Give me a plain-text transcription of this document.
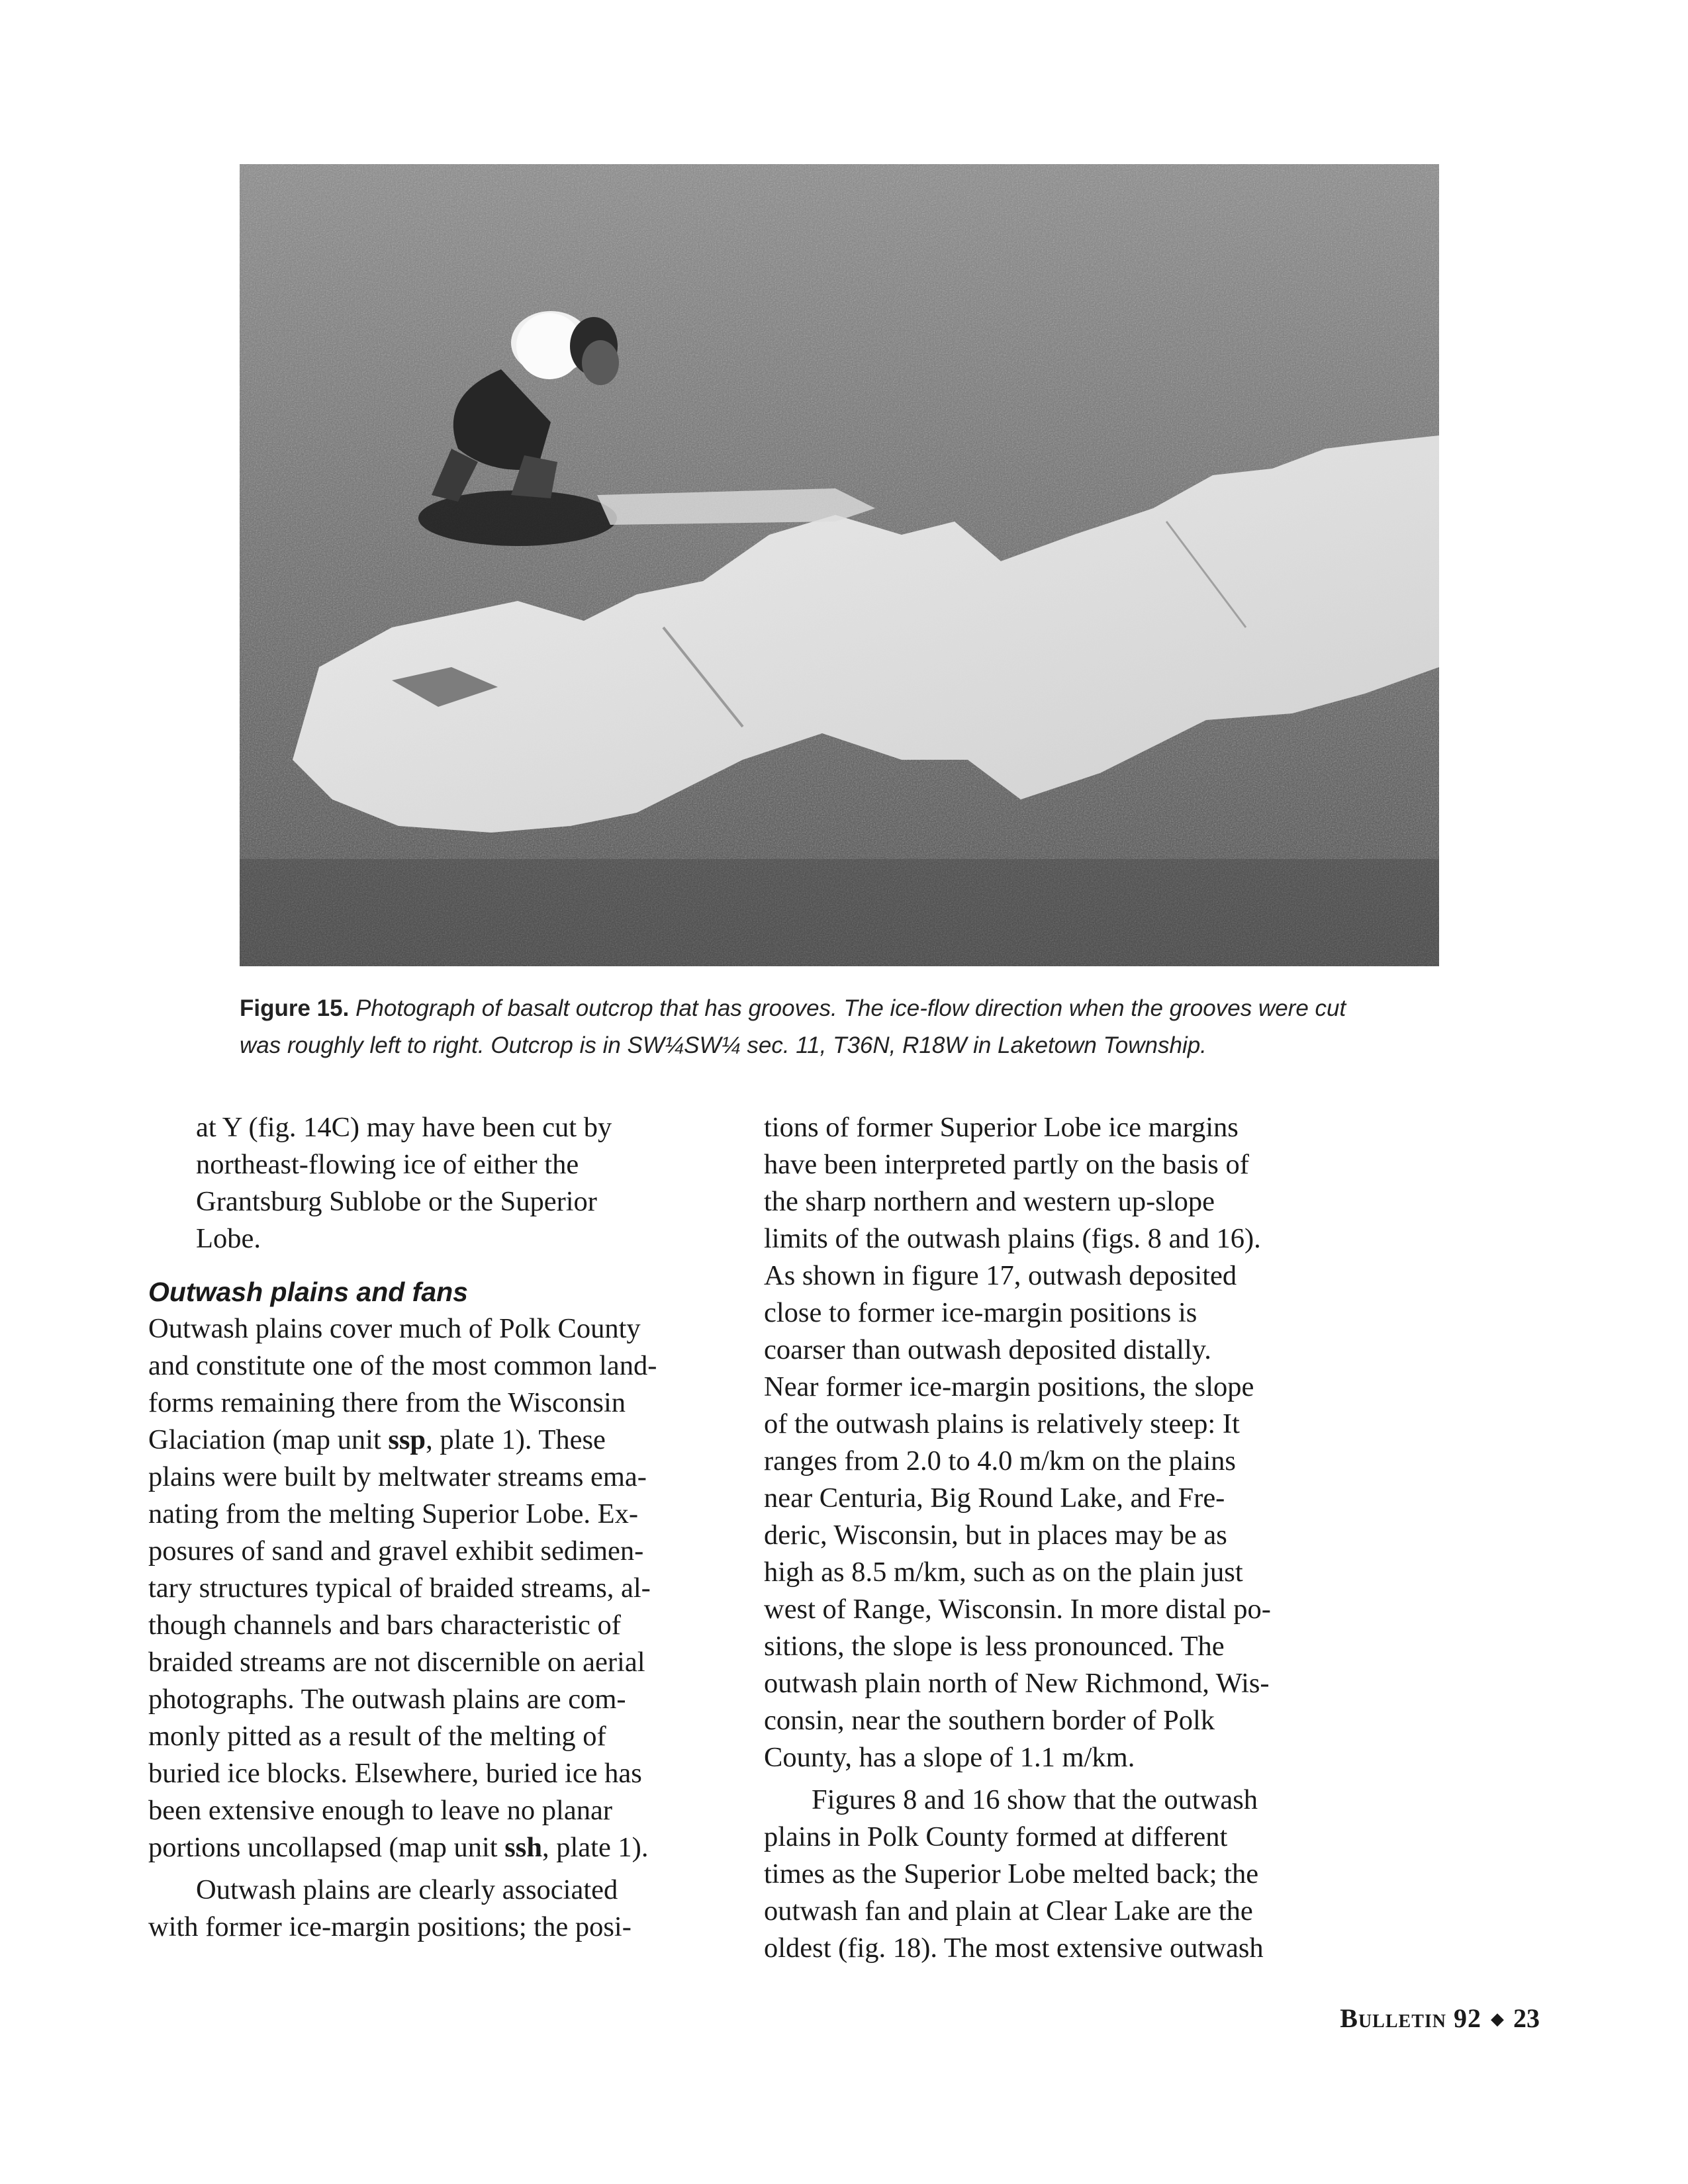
Figure 15. Photograph of basalt outcrop that has grooves. The ice-flow direction when the grooves were cut
was roughly left to right. Outcrop is in SW¼SW¼ sec. 11, T36N, R18W in Laketown Township.

at Y (fig. 14C) may have been cut by
northeast-flowing ice of either the
Grantsburg Sublobe or the Superior
Lobe.

Outwash plains and fans

Outwash plains cover much of Polk County
and constitute one of the most common land-
forms remaining there from the Wisconsin
Glaciation (map unit ssp, plate 1). These
plains were built by meltwater streams ema-
nating from the melting Superior Lobe. Ex-
posures of sand and gravel exhibit sedimen-
tary structures typical of braided streams, al-
though channels and bars characteristic of
braided streams are not discernible on aerial
photographs. The outwash plains are com-
monly pitted as a result of the melting of
buried ice blocks. Elsewhere, buried ice has
been extensive enough to leave no planar
portions uncollapsed (map unit ssh, plate 1).

Outwash plains are clearly associated
with former ice-margin positions; the posi-

tions of former Superior Lobe ice margins
have been interpreted partly on the basis of
the sharp northern and western up-slope
limits of the outwash plains (figs. 8 and 16).
As shown in figure 17, outwash deposited
close to former ice-margin positions is
coarser than outwash deposited distally.
Near former ice-margin positions, the slope
of the outwash plains is relatively steep: It
ranges from 2.0 to 4.0 m/km on the plains
near Centuria, Big Round Lake, and Fre-
deric, Wisconsin, but in places may be as
high as 8.5 m/km, such as on the plain just
west of Range, Wisconsin. In more distal po-
sitions, the slope is less pronounced. The
outwash plain north of New Richmond, Wis-
consin, near the southern border of Polk
County, has a slope of 1.1 m/km.

Figures 8 and 16 show that the outwash
plains in Polk County formed at different
times as the Superior Lobe melted back; the
outwash fan and plain at Clear Lake are the
oldest (fig. 18). The most extensive outwash

Bulletin 92 ◆ 23
